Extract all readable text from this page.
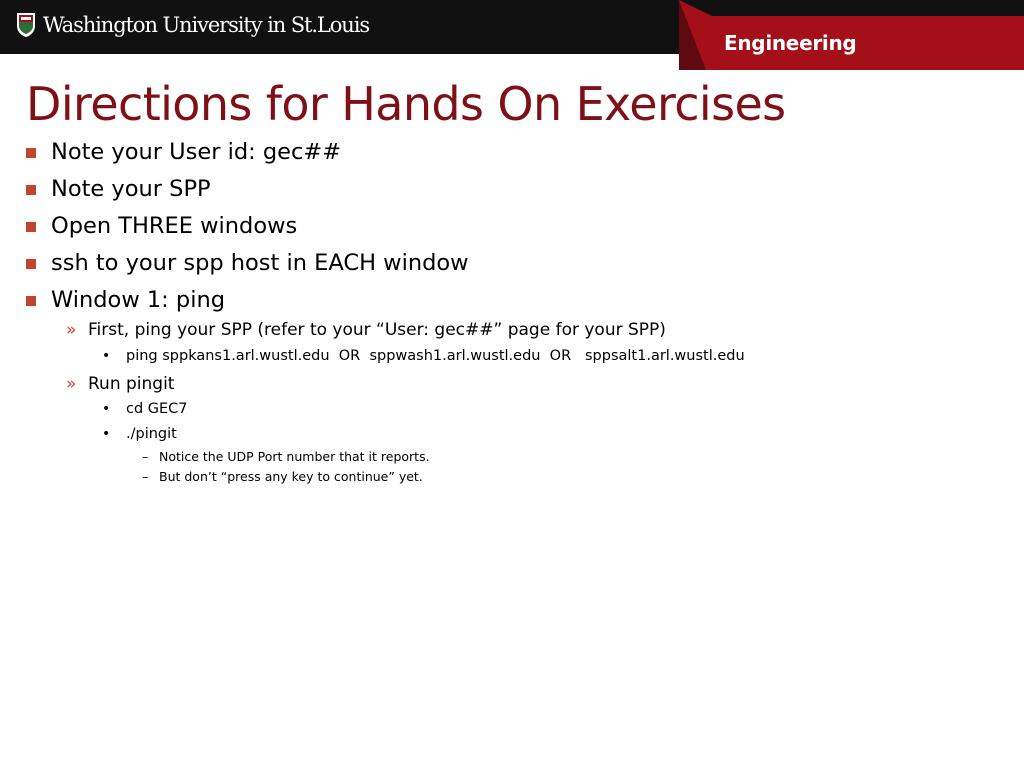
Washington University in St.Louis
Engineering
Directions for Hands On Exercises
Note your User id: gec##
Note your SPP
Open THREE windows
ssh to your spp host in EACH window
Window 1: ping
» First, ping your SPP (refer to your “User: gec##” page for your SPP)
•	ping sppkans1.arl.wustl.edu  OR  sppwash1.arl.wustl.edu  OR   sppsalt1.arl.wustl.edu
» Run pingit
•	cd GEC7
•	./pingit
– Notice the UDP Port number that it reports.
– But don’t “press any key to continue” yet.
